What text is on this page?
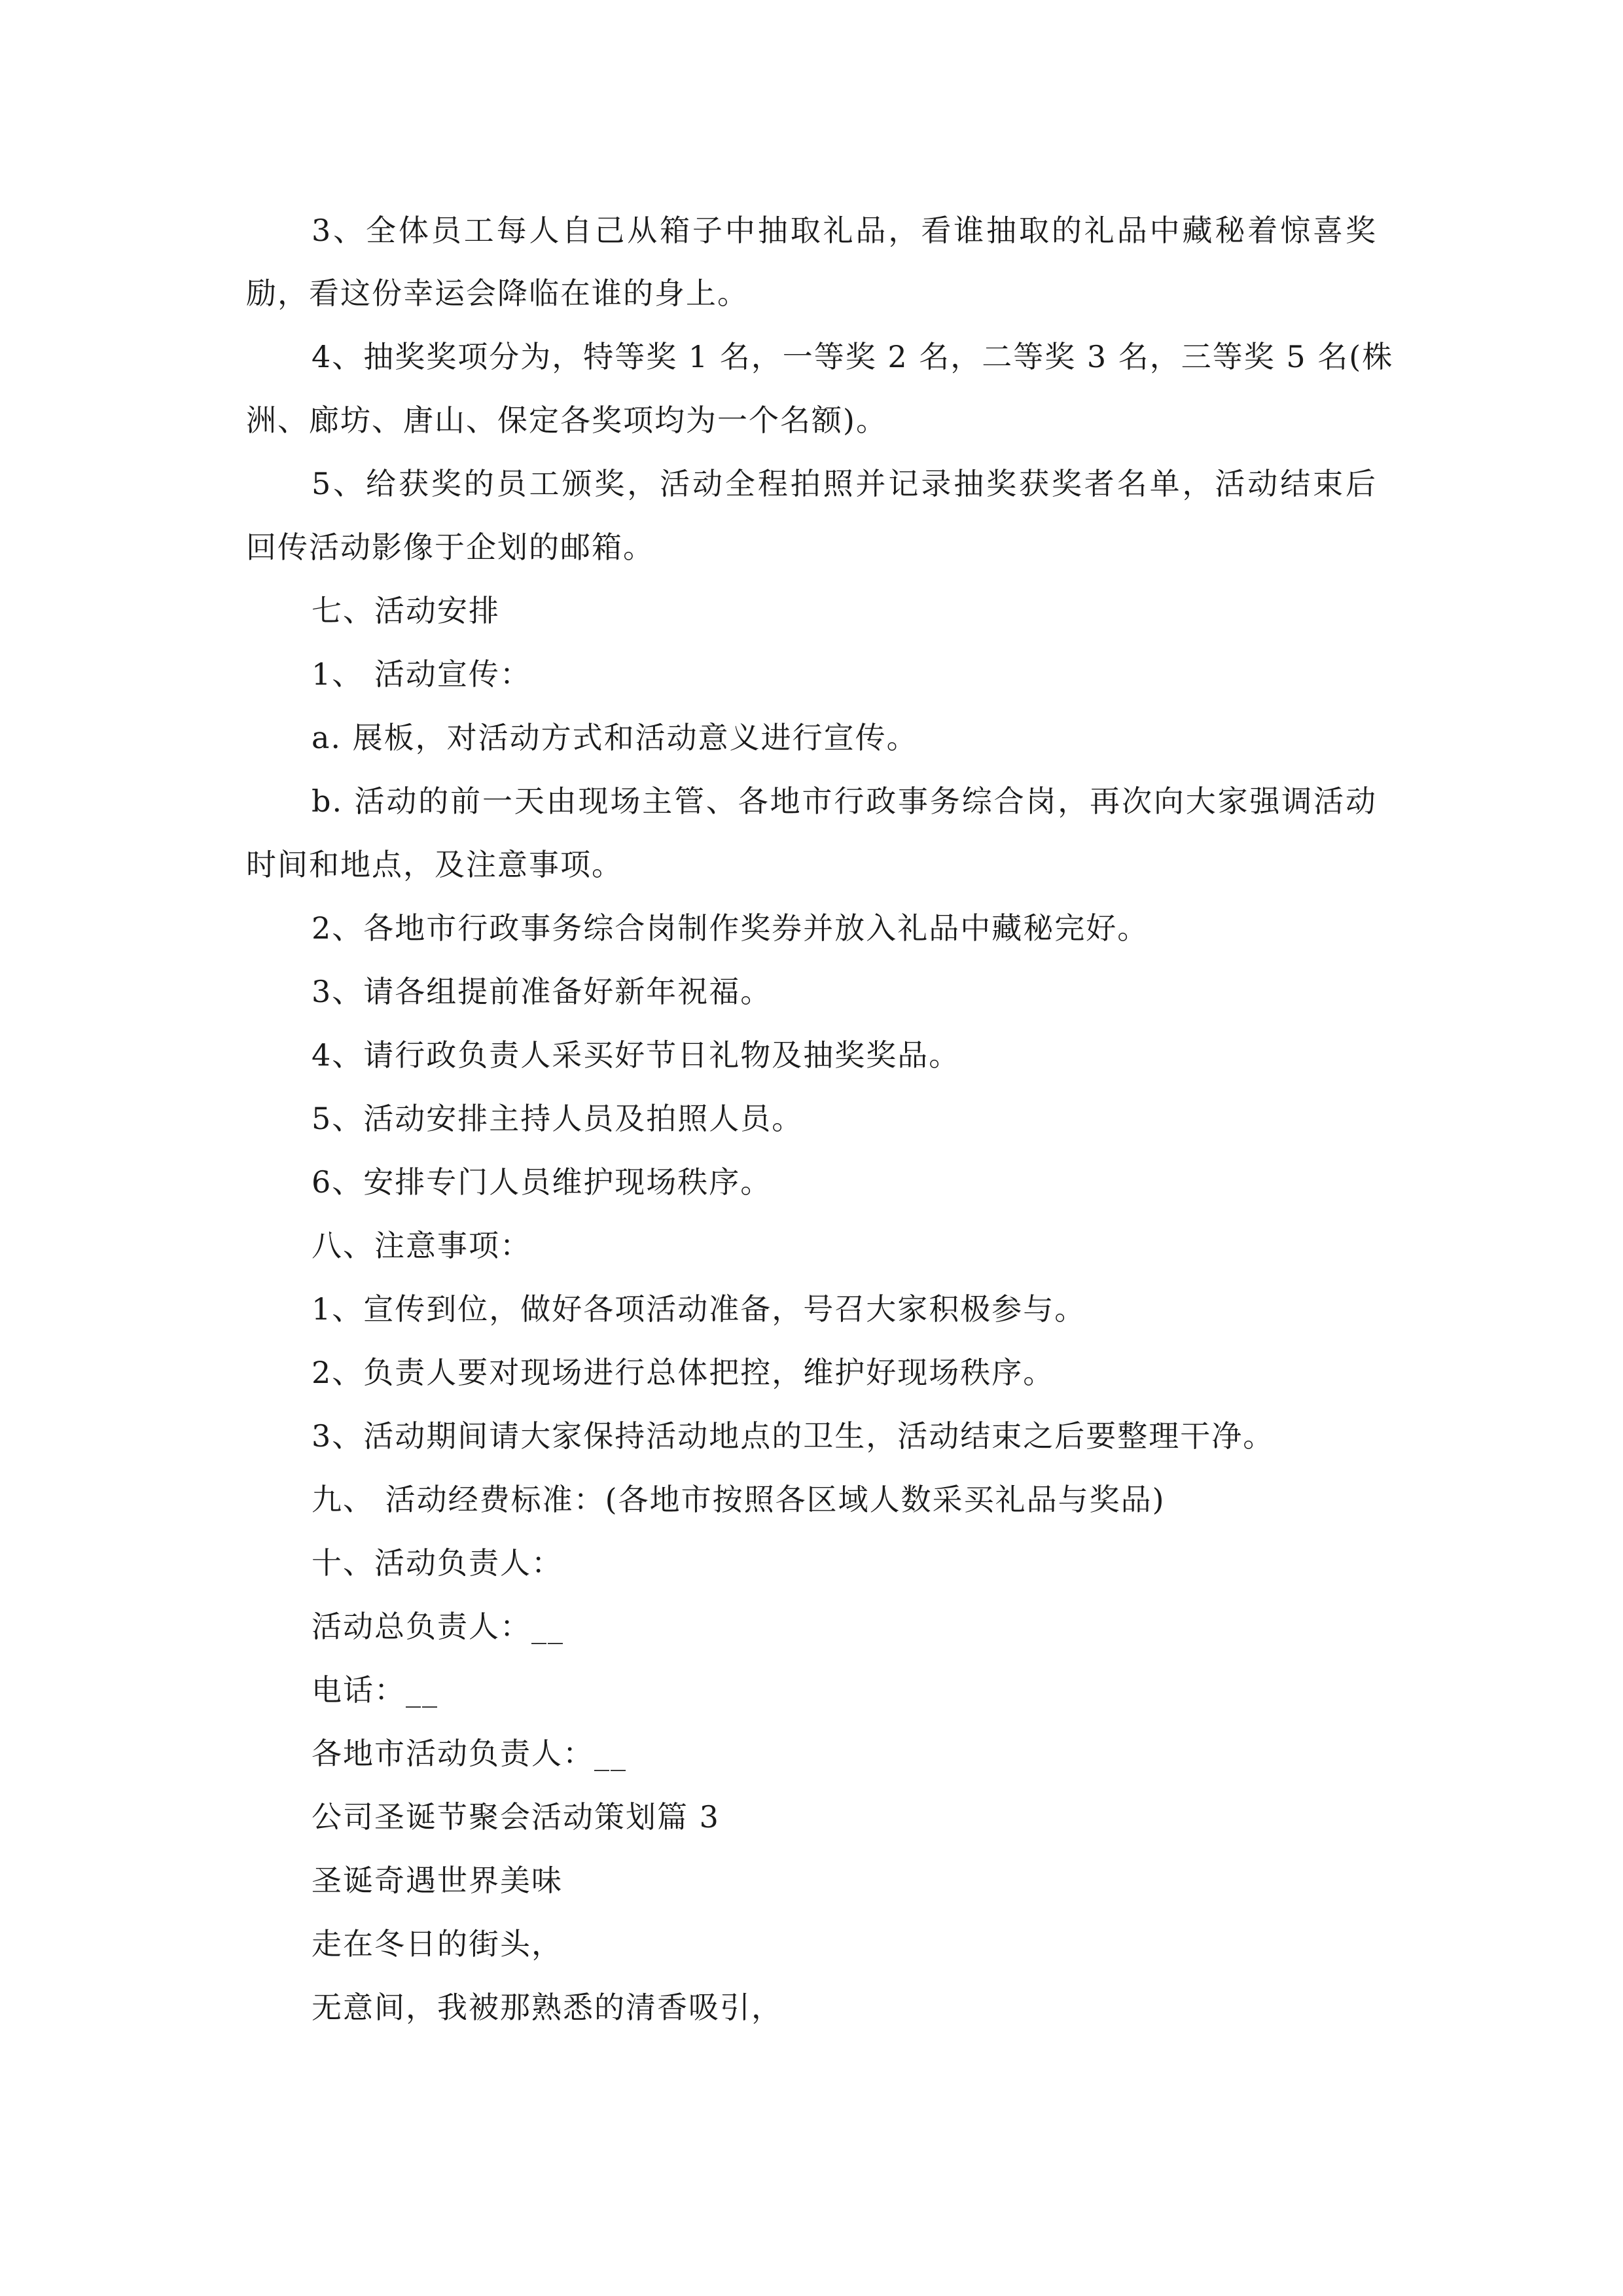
3、全体员工每人自己从箱子中抽取礼品，看谁抽取的礼品中藏秘着惊喜奖
励，看这份幸运会降临在谁的身上。
4、抽奖奖项分为，特等奖 1 名，一等奖 2 名，二等奖 3 名，三等奖 5 名(株
洲、廊坊、唐山、保定各奖项均为一个名额)。
5、给获奖的员工颁奖，活动全程拍照并记录抽奖获奖者名单，活动结束后
回传活动影像于企划的邮箱。
七、活动安排
1、 活动宣传：
a. 展板，对活动方式和活动意义进行宣传。
b. 活动的前一天由现场主管、各地市行政事务综合岗，再次向大家强调活动
时间和地点，及注意事项。
2、各地市行政事务综合岗制作奖券并放入礼品中藏秘完好。
3、请各组提前准备好新年祝福。
4、请行政负责人采买好节日礼物及抽奖奖品。
5、活动安排主持人员及拍照人员。
6、安排专门人员维护现场秩序。
八、注意事项：
1、宣传到位，做好各项活动准备，号召大家积极参与。
2、负责人要对现场进行总体把控，维护好现场秩序。
3、活动期间请大家保持活动地点的卫生，活动结束之后要整理干净。
九、 活动经费标准：(各地市按照各区域人数采买礼品与奖品)
十、活动负责人：
活动总负责人：__
电话：__
各地市活动负责人：__
公司圣诞节聚会活动策划篇 3
圣诞奇遇世界美味
走在冬日的街头，
无意间，我被那熟悉的清香吸引，
